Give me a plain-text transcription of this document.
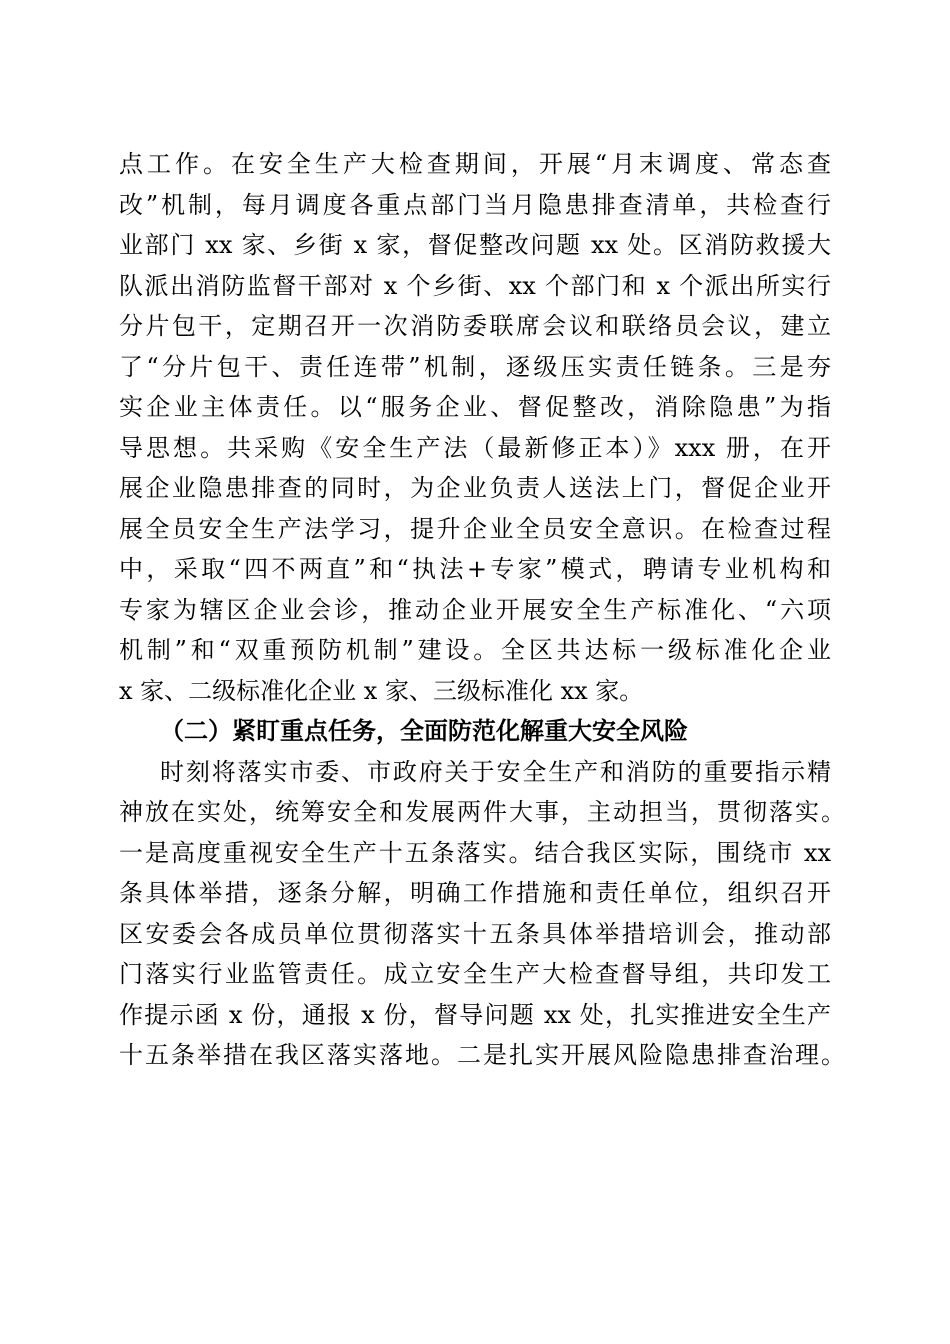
点工作。在安全生产大检查期间，开展“月末调度、常态查
改”机制，每月调度各重点部门当月隐患排查清单，共检查行
业部门 xx 家、乡街 x 家，督促整改问题 xx 处。区消防救援大
队派出消防监督干部对 x 个乡街、xx 个部门和 x 个派出所实行
分片包干，定期召开一次消防委联席会议和联络员会议，建立
了“分片包干、责任连带”机制，逐级压实责任链条。三是夯
实企业主体责任。以“服务企业、督促整改，消除隐患”为指
导思想。共采购《安全生产法（最新修正本）》xxx 册，在开
展企业隐患排查的同时，为企业负责人送法上门，督促企业开
展全员安全生产法学习，提升企业全员安全意识。在检查过程
中，采取“四不两直”和“执法+专家”模式，聘请专业机构和
专家为辖区企业会诊，推动企业开展安全生产标准化、“六项
机制”和“双重预防机制”建设。全区共达标一级标准化企业
x 家、二级标准化企业 x 家、三级标准化 xx 家。
（二）紧盯重点任务，全面防范化解重大安全风险
时刻将落实市委、市政府关于安全生产和消防的重要指示精
神放在实处，统筹安全和发展两件大事，主动担当，贯彻落实。
一是高度重视安全生产十五条落实。结合我区实际，围绕市 xx
条具体举措，逐条分解，明确工作措施和责任单位，组织召开
区安委会各成员单位贯彻落实十五条具体举措培训会，推动部
门落实行业监管责任。成立安全生产大检查督导组，共印发工
作提示函 x 份，通报 x 份，督导问题 xx 处，扎实推进安全生产
十五条举措在我区落实落地。二是扎实开展风险隐患排查治理。
